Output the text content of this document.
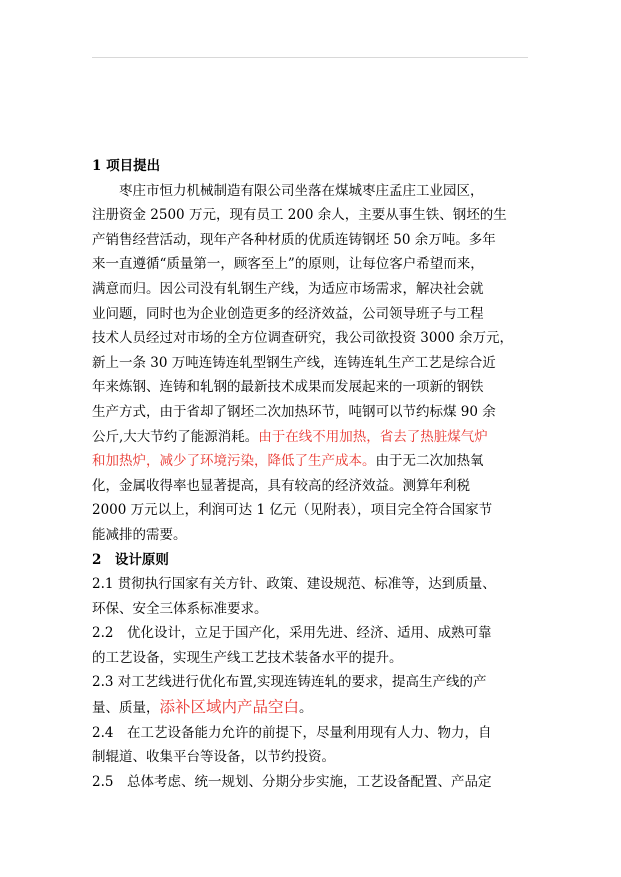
1 项目提出
枣庄市恒力机械制造有限公司坐落在煤城枣庄孟庄工业园区，
注册资金 2500 万元，现有员工 200 余人，主要从事生铁、钢坯的生
产销售经营活动，现年产各种材质的优质连铸钢坯 50 余万吨。多年
来一直遵循“质量第一，顾客至上”的原则，让每位客户希望而来，
满意而归。因公司没有轧钢生产线，为适应市场需求，解决社会就
业问题，同时也为企业创造更多的经济效益，公司领导班子与工程
技术人员经过对市场的全方位调查研究，我公司欲投资 3000 余万元，
新上一条 30 万吨连铸连轧型钢生产线，连铸连轧生产工艺是综合近
年来炼钢、连铸和轧钢的最新技术成果而发展起来的一项新的钢铁
生产方式，由于省却了钢坯二次加热环节，吨钢可以节约标煤 90 余
公斤,大大节约了能源消耗。由于在线不用加热，省去了热脏煤气炉
和加热炉，减少了环境污染，降低了生产成本。由于无二次加热氧
化，金属收得率也显著提高，具有较高的经济效益。测算年利税
2000 万元以上，利润可达 1 亿元（见附表），项目完全符合国家节
能减排的需要。
2　设计原则
2.1 贯彻执行国家有关方针、政策、建设规范、标准等，达到质量、
环保、安全三体系标准要求。
2.2　优化设计，立足于国产化，采用先进、经济、适用、成熟可靠
的工艺设备，实现生产线工艺技术装备水平的提升。
2.3 对工艺线进行优化布置,实现连铸连轧的要求，提高生产线的产
量、质量，添补区域内产品空白。
2.4　在工艺设备能力允许的前提下，尽量利用现有人力、物力，自
制辊道、收集平台等设备，以节约投资。
2.5　总体考虑、统一规划、分期分步实施，工艺设备配置、产品定
